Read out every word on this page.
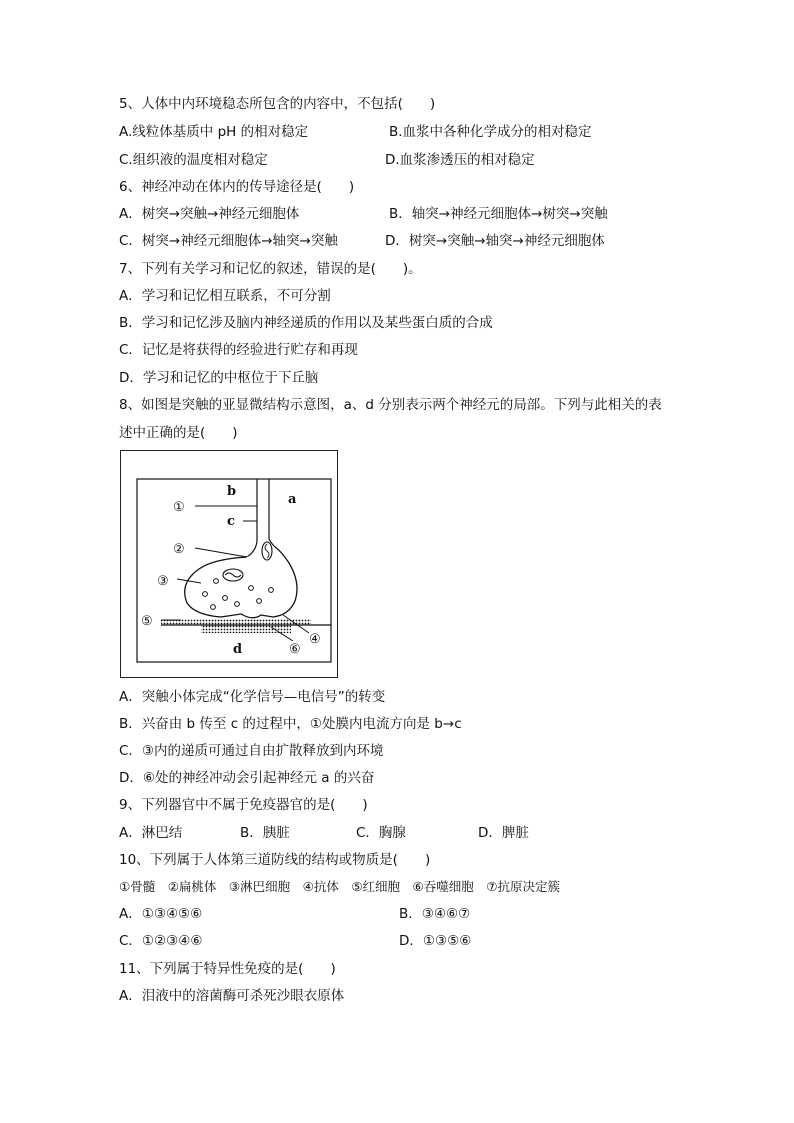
5、人体中内环境稳态所包含的内容中，不包括(　　)
A.线粒体基质中 pH 的相对稳定	B.血浆中各种化学成分的相对稳定
C.组织液的温度相对稳定	D.血浆渗透压的相对稳定
6、神经冲动在体内的传导途径是(　　)
A．树突→突触→神经元细胞体	B．轴突→神经元细胞体→树突→突触
C．树突→神经元细胞体→轴突→突触	D．树突→突触→轴突→神经元细胞体
7、下列有关学习和记忆的叙述，错误的是(　　)。
A．学习和记忆相互联系，不可分割
B．学习和记忆涉及脑内神经递质的作用以及某些蛋白质的合成
C．记忆是将获得的经验进行贮存和再现
D．学习和记忆的中枢位于下丘脑
8、如图是突触的亚显微结构示意图，a、d 分别表示两个神经元的局部。下列与此相关的表
述中正确的是(　　)
①
②
③
④
⑤
⑥
a
b
c
d
A．突触小体完成“化学信号—电信号”的转变
B．兴奋由 b 传至 c 的过程中，①处膜内电流方向是 b→c
C．③内的递质可通过自由扩散释放到内环境
D．⑥处的神经冲动会引起神经元 a 的兴奋
9、下列器官中不属于免疫器官的是(　　)
A．淋巴结	B．胰脏	C．胸腺	D．脾脏
10、下列属于人体第三道防线的结构或物质是(　　)
①骨髓　②扁桃体　③淋巴细胞　④抗体　⑤红细胞　⑥吞噬细胞　⑦抗原决定簇
A．①③④⑤⑥	B．③④⑥⑦
C．①②③④⑥	D．①③⑤⑥
11、下列属于特异性免疫的是(　　)
A．泪液中的溶菌酶可杀死沙眼衣原体
